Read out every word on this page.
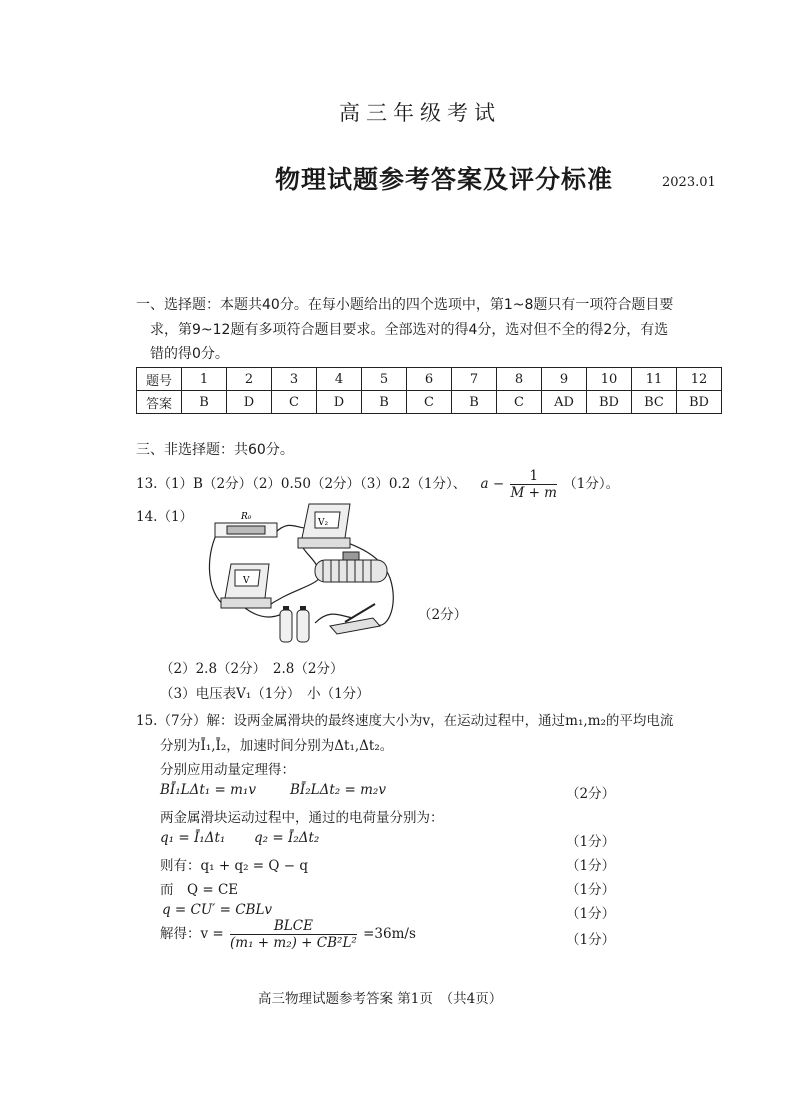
高三年级考试
物理试题参考答案及评分标准	2023.01
一、选择题：本题共40分。在每小题给出的四个选项中，第1~8题只有一项符合题目要
求，第9~12题有多项符合题目要求。全部选对的得4分，选对但不全的得2分，有选
错的得0分。
题号	1	2	3	4	5	6	7	8	9	10	11	12
答案	B	D	C	D	B	C	B	C	AD	BD	BC	BD
三、非选择题：共60分。
13.（1）B（2分）（2）0.50（2分）（3）0.2（1分）、 $a - \frac{1}{M + m} (1$分）。
14.（1）	R₀
V₂
V
（2分）
（2）2.8（2分）　2.8（2分）
（3）电压表V₁（1分）　小（1分）
15.（7分）解：设两金属滑块的最终速度大小为v，在运动过程中，通过m₁,m₂的平均电流
分别为Ī₁,Ī₂，加速时间分别为Δt₁,Δt₂。
分别应用动量定理得：
BĪ₁LΔt₁ = m₁v	BĪ₂LΔt₂ = m₂v	（2分）
两金属滑块运动过程中，通过的电荷量分别为：
q₁ = Ī₁Δt₁ q₂ = Ī₂Δt₂	（1分）
则有：q₁ + q₂ = Q − q	（1分）
而　Q = CE	（1分）
q = CU′ = CBLv	（1分）
解得：$v = \frac{\text{BLCE}}{\text{(m₁ + m₂) + CB²L²}} =36m/s$	（1分）
高三物理试题参考答案 第1页　（共4页）
